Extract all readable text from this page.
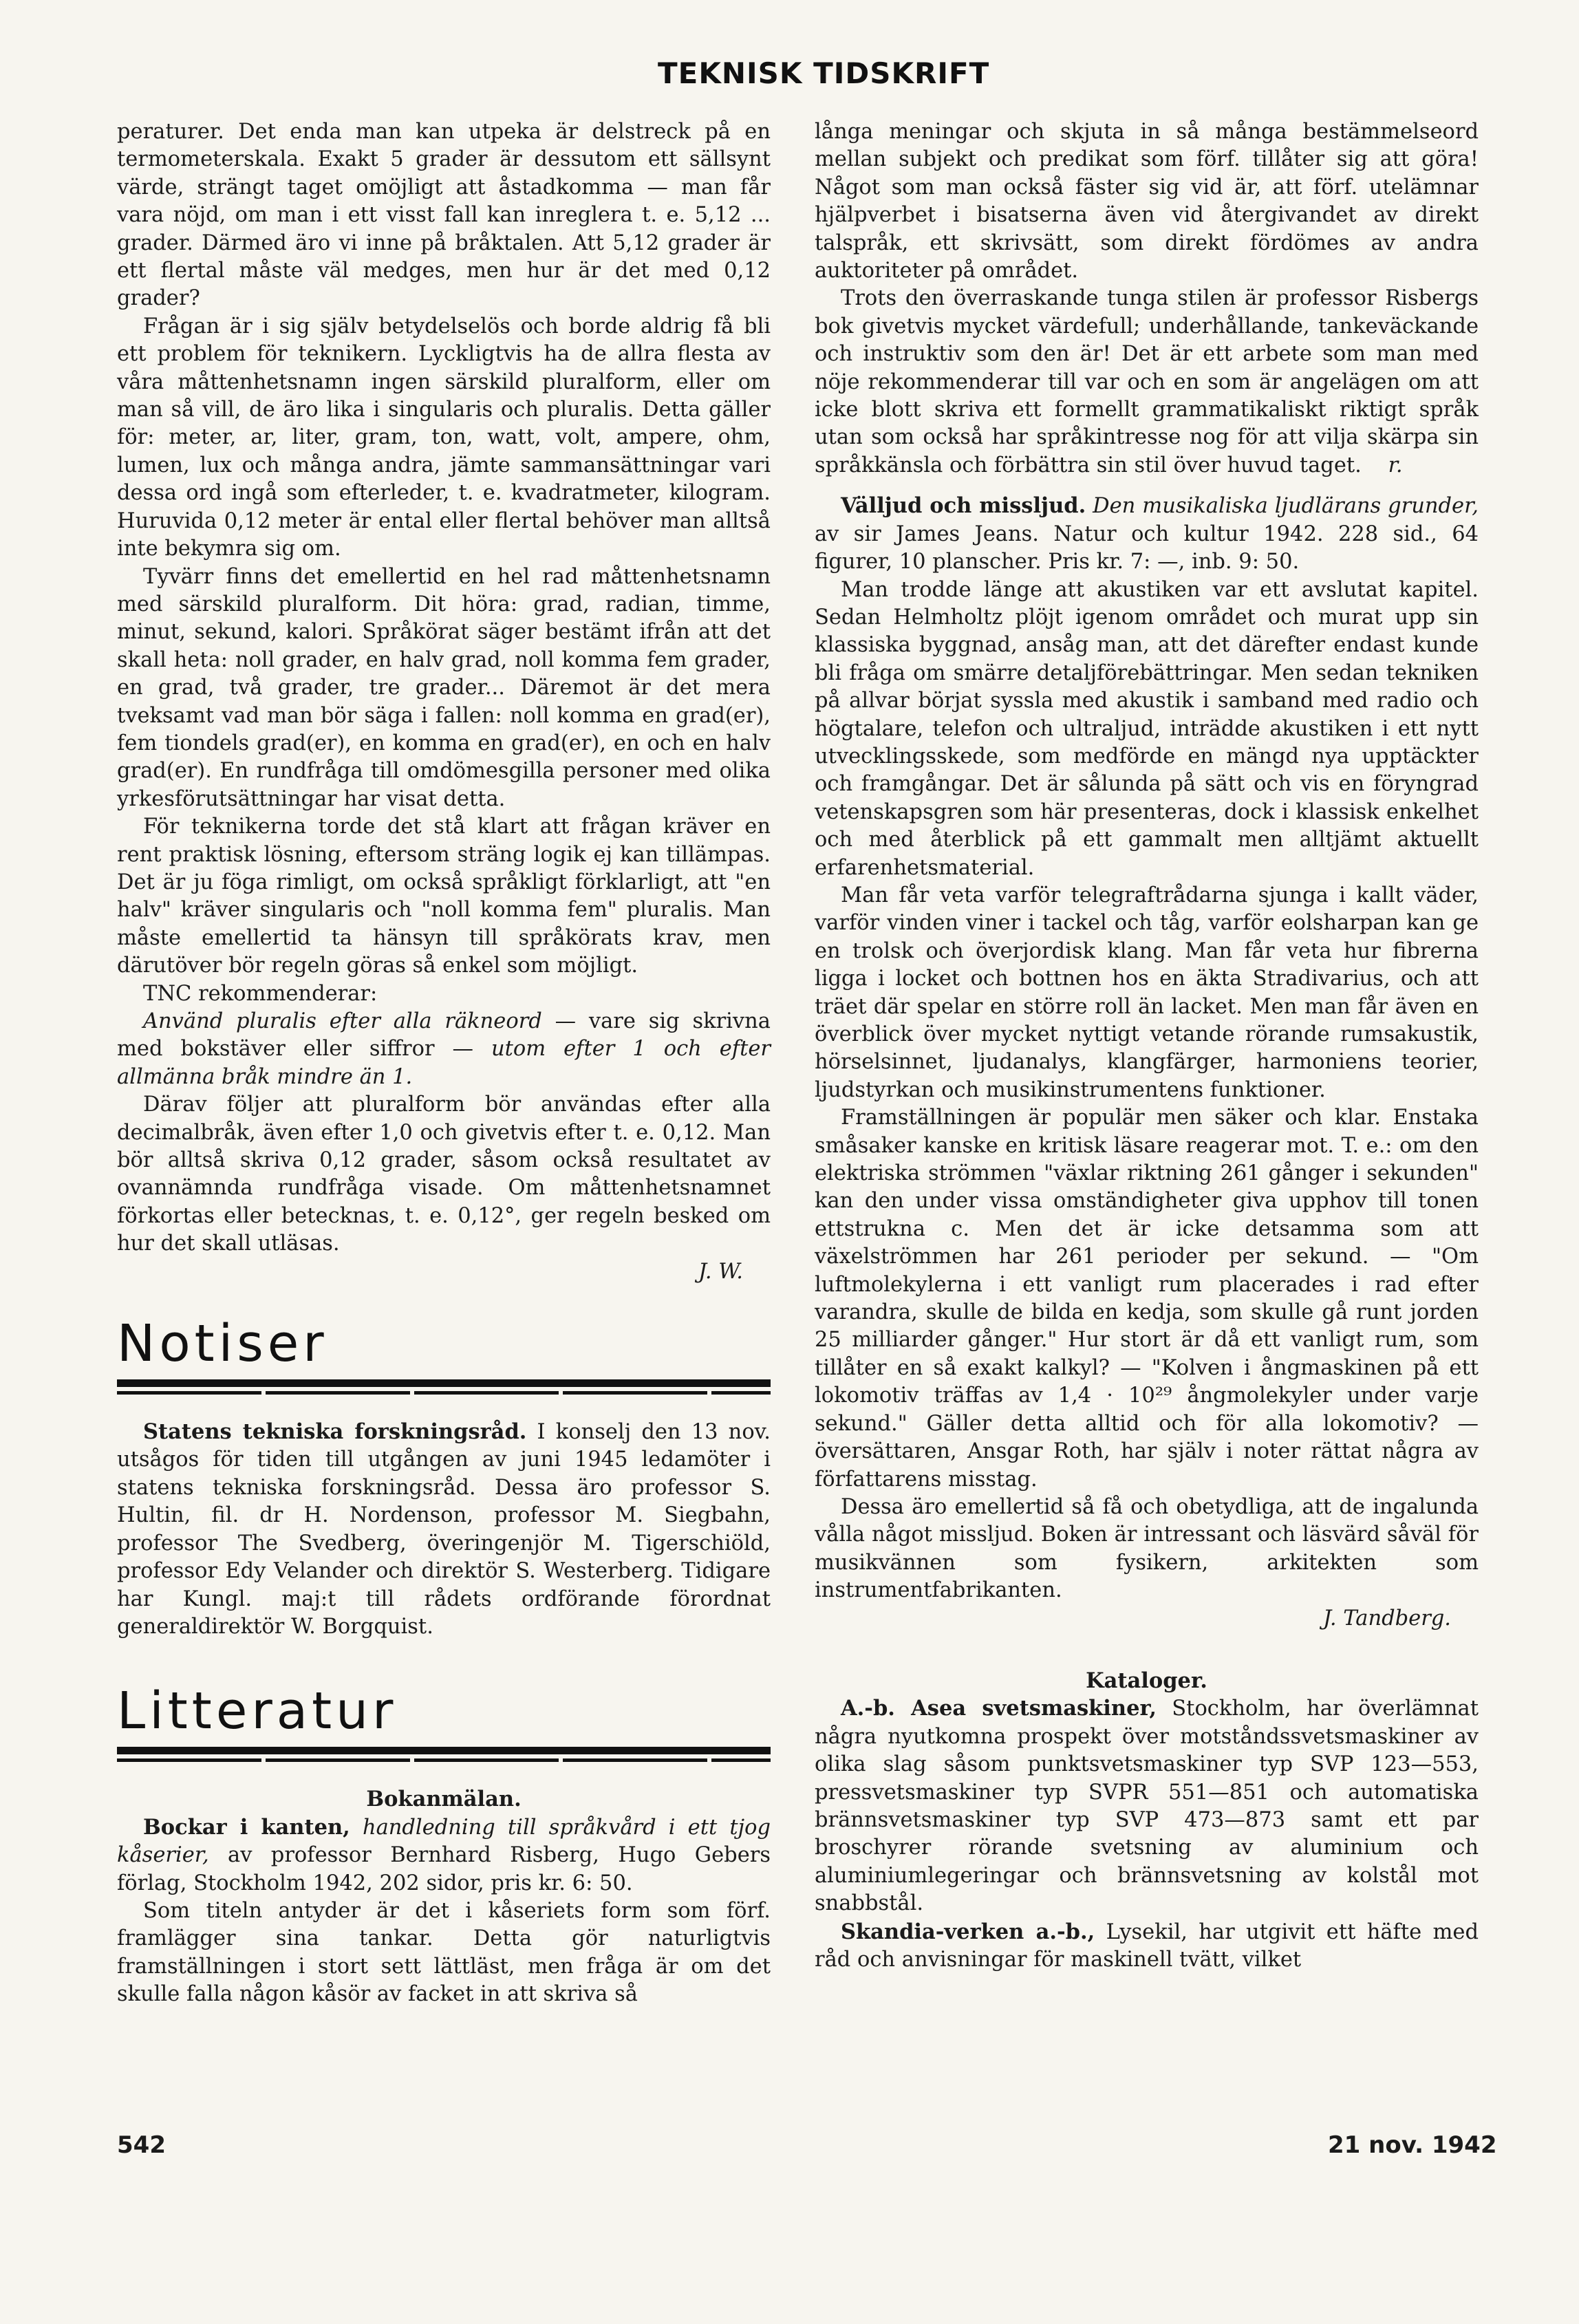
TEKNISK TIDSKRIFT

peraturer. Det enda man kan utpeka är delstreck på en termometerskala. Exakt 5 grader är dessutom ett sällsynt värde, strängt taget omöjligt att åstadkomma — man får vara nöjd, om man i ett visst fall kan inreglera t. e. 5,12 ... grader. Därmed äro vi inne på bråktalen. Att 5,12 grader är ett flertal måste väl medges, men hur är det med 0,12 grader?

Frågan är i sig själv betydelselös och borde aldrig få bli ett problem för teknikern. Lyckligtvis ha de allra flesta av våra måttenhetsnamn ingen särskild pluralform, eller om man så vill, de äro lika i singularis och pluralis. Detta gäller för: meter, ar, liter, gram, ton, watt, volt, ampere, ohm, lumen, lux och många andra, jämte sammansättningar vari dessa ord ingå som efterleder, t. e. kvadratmeter, kilogram. Huruvida 0,12 meter är ental eller flertal behöver man alltså inte bekymra sig om.

Tyvärr finns det emellertid en hel rad måttenhetsnamn med särskild pluralform. Dit höra: grad, radian, timme, minut, sekund, kalori. Språkörat säger bestämt ifrån att det skall heta: noll grader, en halv grad, noll komma fem grader, en grad, två grader, tre grader... Däremot är det mera tveksamt vad man bör säga i fallen: noll komma en grad(er), fem tiondels grad(er), en komma en grad(er), en och en halv grad(er). En rundfråga till omdömesgilla personer med olika yrkesförutsättningar har visat detta.

För teknikerna torde det stå klart att frågan kräver en rent praktisk lösning, eftersom sträng logik ej kan tillämpas. Det är ju föga rimligt, om också språkligt förklarligt, att "en halv" kräver singularis och "noll komma fem" pluralis. Man måste emellertid ta hänsyn till språkörats krav, men därutöver bör regeln göras så enkel som möjligt.

TNC rekommenderar:

Använd pluralis efter alla räkneord — vare sig skrivna med bokstäver eller siffror — utom efter 1 och efter allmänna bråk mindre än 1.

Därav följer att pluralform bör användas efter alla decimalbråk, även efter 1,0 och givetvis efter t. e. 0,12. Man bör alltså skriva 0,12 grader, såsom också resultatet av ovannämnda rundfråga visade. Om måttenhetsnamnet förkortas eller betecknas, t. e. 0,12°, ger regeln besked om hur det skall utläsas.

J. W.

Notiser

Statens tekniska forskningsråd. I konselj den 13 nov. utsågos för tiden till utgången av juni 1945 ledamöter i statens tekniska forskningsråd. Dessa äro professor S. Hultin, fil. dr H. Nordenson, professor M. Siegbahn, professor The Svedberg, överingenjör M. Tigerschiöld, professor Edy Velander och direktör S. Westerberg. Tidigare har Kungl. maj:t till rådets ordförande förordnat generaldirektör W. Borgquist.

Litteratur

Bokanmälan.

Bockar i kanten, handledning till språkvård i ett tjog kåserier, av professor Bernhard Risberg, Hugo Gebers förlag, Stockholm 1942, 202 sidor, pris kr. 6: 50.

Som titeln antyder är det i kåseriets form som förf. framlägger sina tankar. Detta gör naturligtvis framställningen i stort sett lättläst, men fråga är om det skulle falla någon kåsör av facket in att skriva så

långa meningar och skjuta in så många bestämmelseord mellan subjekt och predikat som förf. tillåter sig att göra! Något som man också fäster sig vid är, att förf. utelämnar hjälpverbet i bisatserna även vid återgivandet av direkt talspråk, ett skrivsätt, som direkt fördömes av andra auktoriteter på området.

Trots den överraskande tunga stilen är professor Risbergs bok givetvis mycket värdefull; underhållande, tankeväckande och instruktiv som den är! Det är ett arbete som man med nöje rekommenderar till var och en som är angelägen om att icke blott skriva ett formellt grammatikaliskt riktigt språk utan som också har språkintresse nog för att vilja skärpa sin språkkänsla och förbättra sin stil över huvud taget. r.

Välljud och missljud. Den musikaliska ljudlärans grunder, av sir James Jeans. Natur och kultur 1942. 228 sid., 64 figurer, 10 planscher. Pris kr. 7: —, inb. 9: 50.

Man trodde länge att akustiken var ett avslutat kapitel. Sedan Helmholtz plöjt igenom området och murat upp sin klassiska byggnad, ansåg man, att det därefter endast kunde bli fråga om smärre detaljförebättringar. Men sedan tekniken på allvar börjat syssla med akustik i samband med radio och högtalare, telefon och ultraljud, inträdde akustiken i ett nytt utvecklingsskede, som medförde en mängd nya upptäckter och framgångar. Det är sålunda på sätt och vis en föryngrad vetenskapsgren som här presenteras, dock i klassisk enkelhet och med återblick på ett gammalt men alltjämt aktuellt erfarenhetsmaterial.

Man får veta varför telegraftrådarna sjunga i kallt väder, varför vinden viner i tackel och tåg, varför eolsharpan kan ge en trolsk och överjordisk klang. Man får veta hur fibrerna ligga i locket och bottnen hos en äkta Stradivarius, och att träet där spelar en större roll än lacket. Men man får även en överblick över mycket nyttigt vetande rörande rumsakustik, hörselsinnet, ljudanalys, klangfärger, harmoniens teorier, ljudstyrkan och musikinstrumentens funktioner.

Framställningen är populär men säker och klar. Enstaka småsaker kanske en kritisk läsare reagerar mot. T. e.: om den elektriska strömmen "växlar riktning 261 gånger i sekunden" kan den under vissa omständigheter giva upphov till tonen ettstrukna c. Men det är icke detsamma som att växelströmmen har 261 perioder per sekund. — "Om luftmolekylerna i ett vanligt rum placerades i rad efter varandra, skulle de bilda en kedja, som skulle gå runt jorden 25 milliarder gånger." Hur stort är då ett vanligt rum, som tillåter en så exakt kalkyl? — "Kolven i ångmaskinen på ett lokomotiv träffas av 1,4 · 10²⁹ ångmolekyler under varje sekund." Gäller detta alltid och för alla lokomotiv? — översättaren, Ansgar Roth, har själv i noter rättat några av författarens misstag.

Dessa äro emellertid så få och obetydliga, att de ingalunda vålla något missljud. Boken är intressant och läsvärd såväl för musikvännen som fysikern, arkitekten som instrumentfabrikanten.

J. Tandberg.

Kataloger.

A.-b. Asea svetsmaskiner, Stockholm, har överlämnat några nyutkomna prospekt över motståndssvetsmaskiner av olika slag såsom punktsvetsmaskiner typ SVP 123—553, pressvetsmaskiner typ SVPR 551—851 och automatiska brännsvetsmaskiner typ SVP 473—873 samt ett par broschyrer rörande svetsning av aluminium och aluminiumlegeringar och brännsvetsning av kolstål mot snabbstål.

Skandia-verken a.-b., Lysekil, har utgivit ett häfte med råd och anvisningar för maskinell tvätt, vilket

542	21 nov. 1942
